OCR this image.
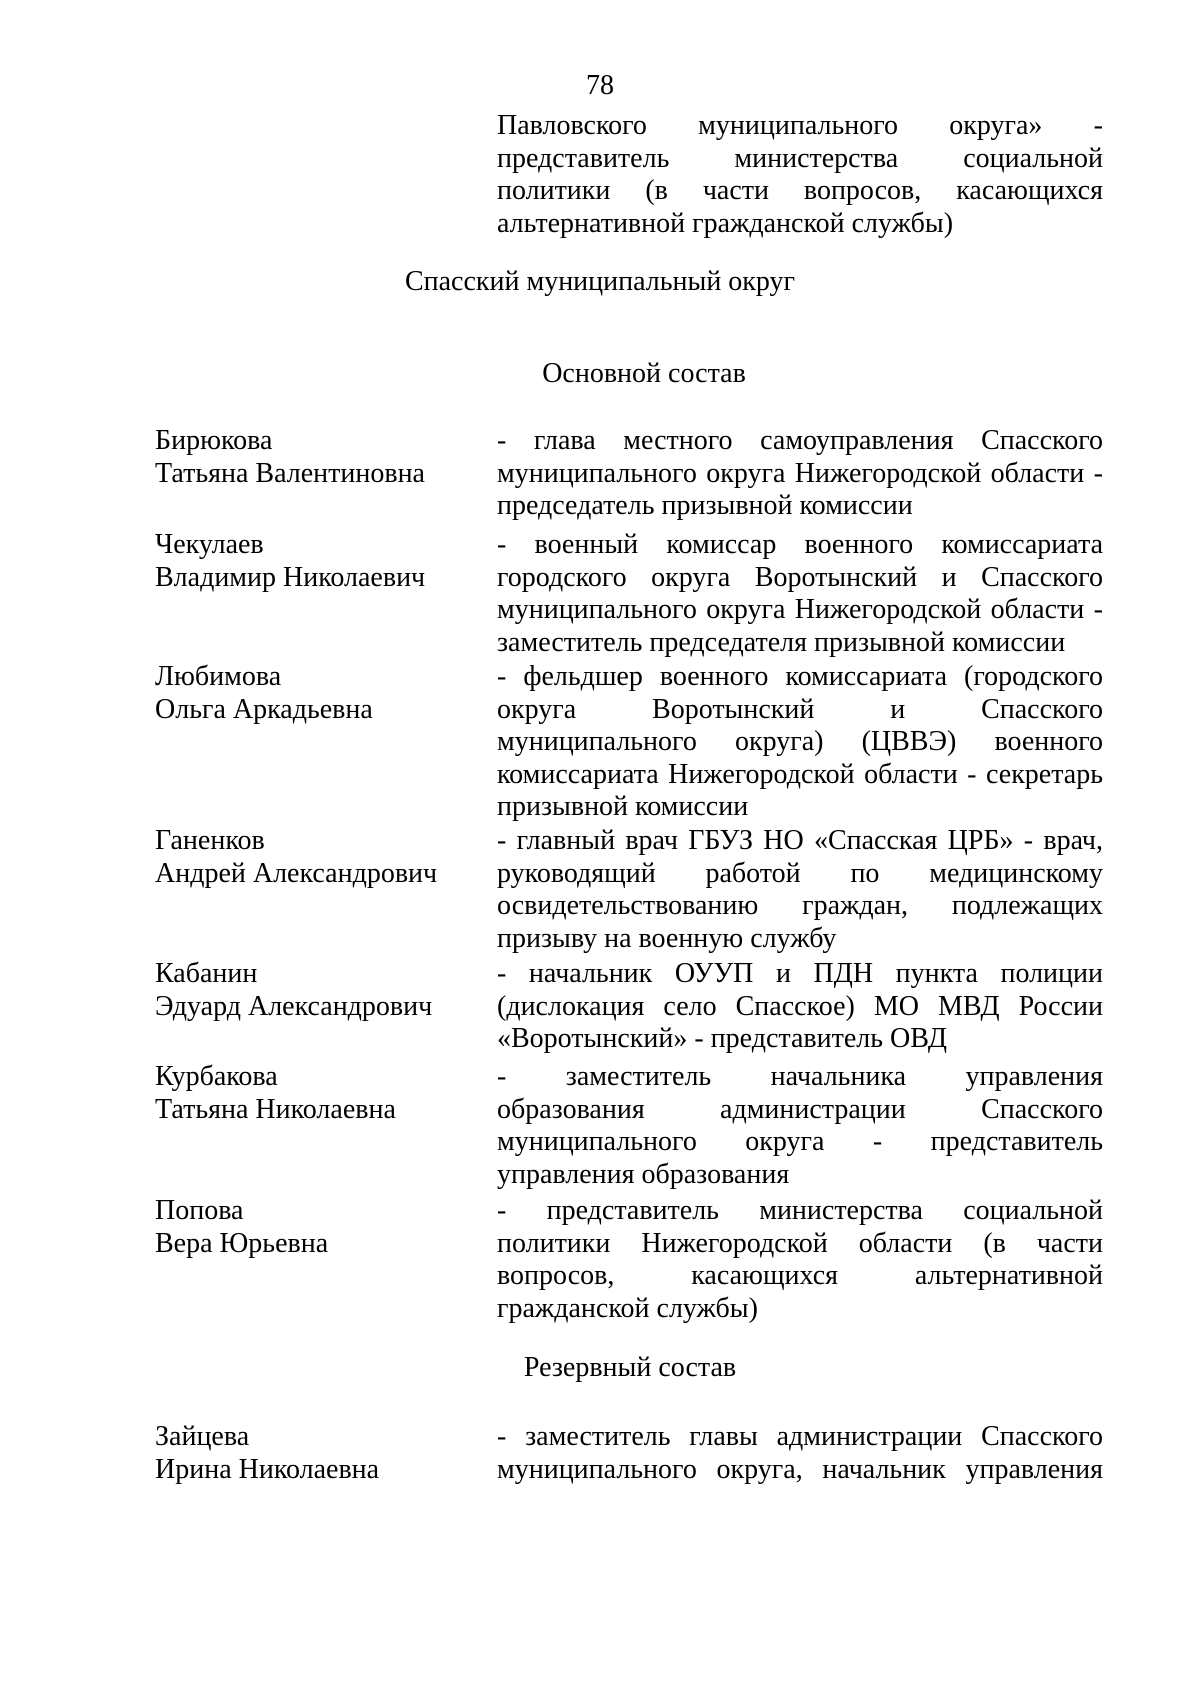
78
Павловского муниципального округа» -
представитель министерства социальной
политики (в части вопросов, касающихся
альтернативной гражданской службы)
Спасский муниципальный округ
Основной состав
Бирюкова
Татьяна Валентиновна
- глава местного самоуправления Спасского
муниципального округа Нижегородской области -
председатель призывной комиссии
Чекулаев
Владимир Николаевич
- военный комиссар военного комиссариата
городского округа Воротынский и Спасского
муниципального округа Нижегородской области -
заместитель председателя призывной комиссии
Любимова
Ольга Аркадьевна
- фельдшер военного комиссариата (городского
округа Воротынский и Спасского
муниципального округа) (ЦВВЭ) военного
комиссариата Нижегородской области - секретарь
призывной комиссии
Ганенков
Андрей Александрович
- главный врач ГБУЗ НО «Спасская ЦРБ» - врач,
руководящий работой по медицинскому
освидетельствованию граждан, подлежащих
призыву на военную службу
Кабанин
Эдуард Александрович
- начальник ОУУП и ПДН пункта полиции
(дислокация село Спасское) МО МВД России
«Воротынский» - представитель ОВД
Курбакова
Татьяна Николаевна
- заместитель начальника управления
образования администрации Спасского
муниципального округа - представитель
управления образования
Попова
Вера Юрьевна
- представитель министерства социальной
политики Нижегородской области (в части
вопросов, касающихся альтернативной
гражданской службы)
Резервный состав
Зайцева
Ирина Николаевна
- заместитель главы администрации Спасского
муниципального округа, начальник управления
